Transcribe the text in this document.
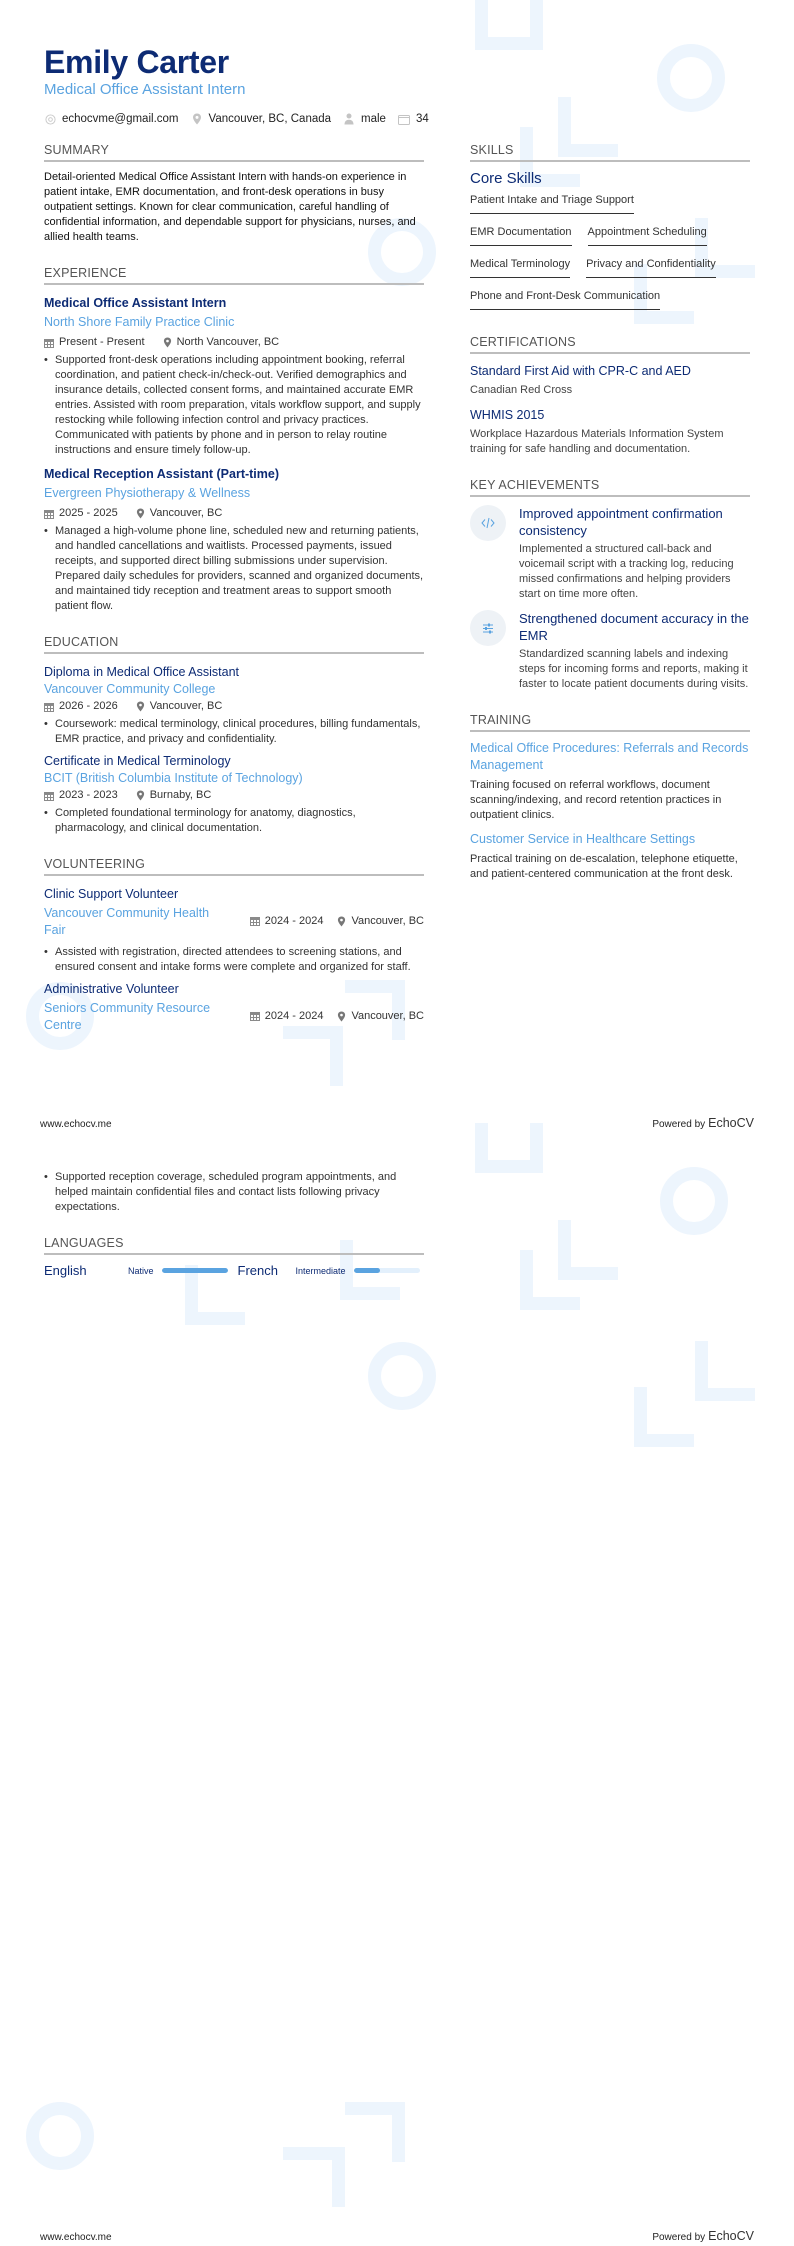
Emily Carter
Medical Office Assistant Intern
echocvme@gmail.com	Vancouver, BC, Canada	male	34
SUMMARY
Detail-oriented Medical Office Assistant Intern with hands-on experience in patient intake, EMR documentation, and front-desk operations in busy outpatient settings. Known for clear communication, careful handling of confidential information, and dependable support for physicians, nurses, and allied health teams.
EXPERIENCE
Medical Office Assistant Intern
North Shore Family Practice Clinic
Present - Present	North Vancouver, BC
• Supported front-desk operations including appointment booking, referral coordination, and patient check-in/check-out. Verified demographics and insurance details, collected consent forms, and maintained accurate EMR entries. Assisted with room preparation, vitals workflow support, and supply restocking while following infection control and privacy practices. Communicated with patients by phone and in person to relay routine instructions and ensure timely follow-up.
Medical Reception Assistant (Part-time)
Evergreen Physiotherapy & Wellness
2025 - 2025	Vancouver, BC
• Managed a high-volume phone line, scheduled new and returning patients, and handled cancellations and waitlists. Processed payments, issued receipts, and supported direct billing submissions under supervision. Prepared daily schedules for providers, scanned and organized documents, and maintained tidy reception and treatment areas to support smooth patient flow.
EDUCATION
Diploma in Medical Office Assistant
Vancouver Community College
2026 - 2026	Vancouver, BC
• Coursework: medical terminology, clinical procedures, billing fundamentals, EMR practice, and privacy and confidentiality.
Certificate in Medical Terminology
BCIT (British Columbia Institute of Technology)
2023 - 2023	Burnaby, BC
• Completed foundational terminology for anatomy, diagnostics, pharmacology, and clinical documentation.
VOLUNTEERING
Clinic Support Volunteer
Vancouver Community Health Fair
2024 - 2024	Vancouver, BC
• Assisted with registration, directed attendees to screening stations, and ensured consent and intake forms were complete and organized for staff.
Administrative Volunteer
Seniors Community Resource Centre
2024 - 2024	Vancouver, BC
SKILLS
Core Skills
Patient Intake and Triage Support
EMR Documentation Appointment Scheduling
Medical Terminology Privacy and Confidentiality
Phone and Front-Desk Communication
CERTIFICATIONS
Standard First Aid with CPR-C and AED
Canadian Red Cross
WHMIS 2015
Workplace Hazardous Materials Information System training for safe handling and documentation.
KEY ACHIEVEMENTS
Improved appointment confirmation consistency
Implemented a structured call-back and voicemail script with a tracking log, reducing missed confirmations and helping providers start on time more often.
Strengthened document accuracy in the EMR
Standardized scanning labels and indexing steps for incoming forms and reports, making it faster to locate patient documents during visits.
TRAINING
Medical Office Procedures: Referrals and Records Management
Training focused on referral workflows, document scanning/indexing, and record retention practices in outpatient clinics.
Customer Service in Healthcare Settings
Practical training on de-escalation, telephone etiquette, and patient-centered communication at the front desk.
www.echocv.me	Powered by EchoCV
• Supported reception coverage, scheduled program appointments, and helped maintain confidential files and contact lists following privacy expectations.
LANGUAGES
English	Native	French	Intermediate
www.echocv.me	Powered by EchoCV
